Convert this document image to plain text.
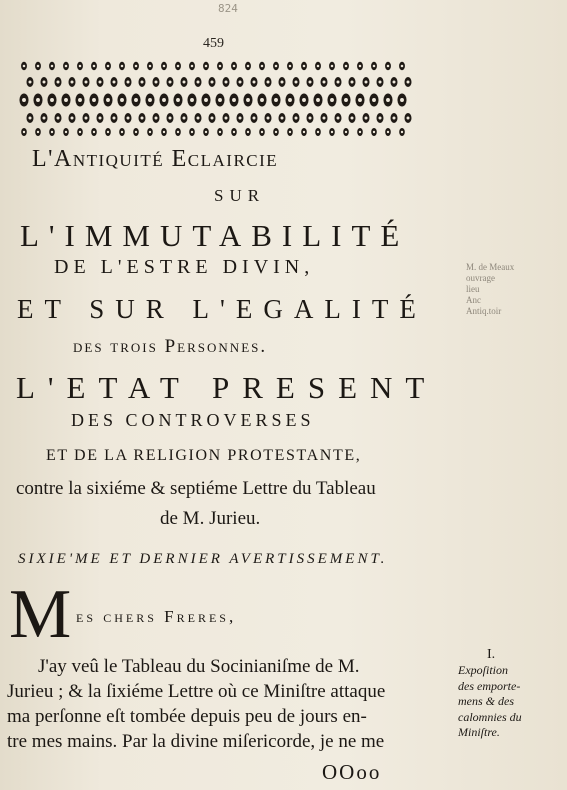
824
459
M. de Meaux
ouvrage
lieu
Anc
Antiq.toir
L'Antiquité Eclaircie
SUR
L'IMMUTABILITÉ
DE L'ESTRE DIVIN,
ET SUR L'EGALITÉ
des trois Personnes.
L'ETAT PRESENT
DES CONTROVERSES
ET DE LA RELIGION PROTESTANTE,
contre la sixiéme & septiéme Lettre du Tableau
de M. Jurieu.
SIXIE'ME ET DERNIER AVERTISSEMENT.
M es chers Freres,
J'ay veû le Tableau du Socinianiſme de M.
Jurieu ; & la ſixiéme Lettre où ce Miniſtre attaque
ma perſonne eſt tombée depuis peu de jours en-
tre mes mains. Par la divine miſericorde, je ne me
OOoo
I.
Expoſition
des emporte-
mens & des
calomnies du
Miniſtre.
